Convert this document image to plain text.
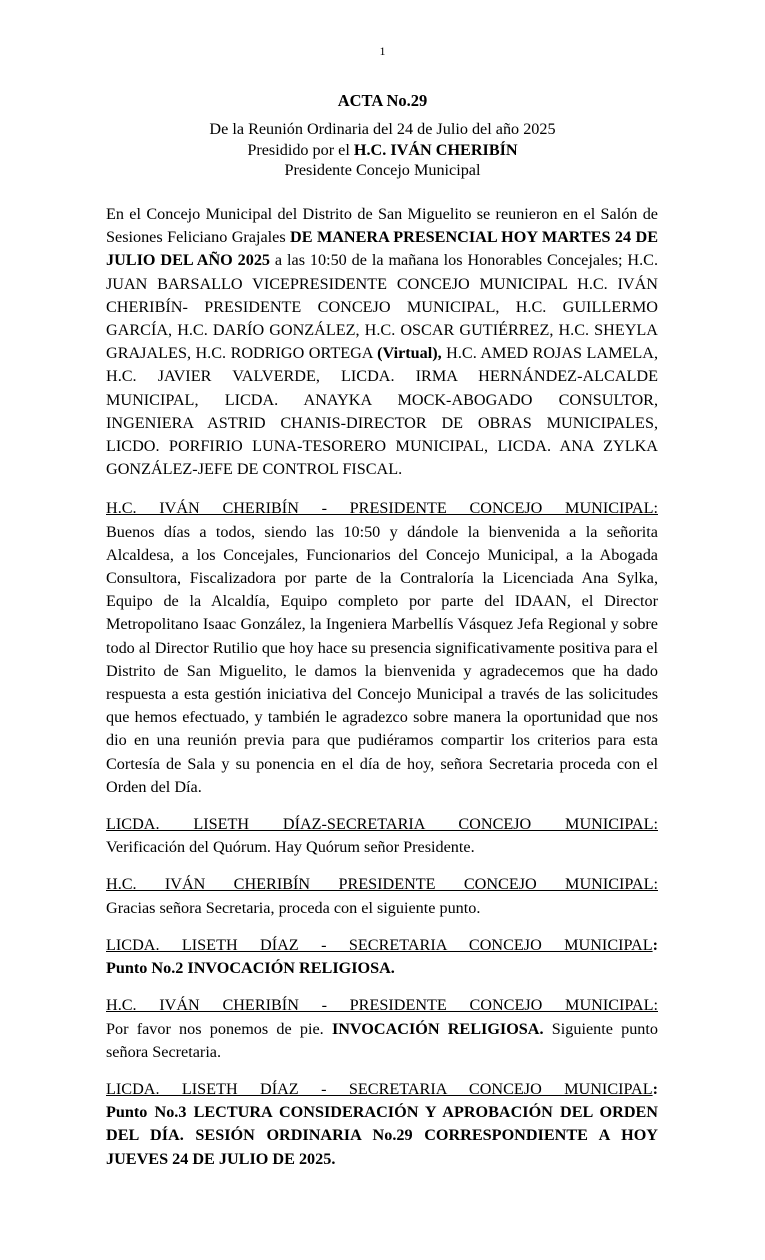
1
ACTA No.29
De la Reunión Ordinaria del 24 de Julio del año 2025
Presidido por el H.C. IVÁN CHERIBÍN
Presidente Concejo Municipal

En el Concejo Municipal del Distrito de San Miguelito se reunieron en el Salón de Sesiones Feliciano Grajales DE MANERA PRESENCIAL HOY MARTES 24 DE JULIO DEL AÑO 2025 a las 10:50 de la mañana los Honorables Concejales; H.C. JUAN BARSALLO VICEPRESIDENTE CONCEJO MUNICIPAL H.C. IVÁN CHERIBÍN- PRESIDENTE CONCEJO MUNICIPAL, H.C. GUILLERMO GARCÍA, H.C. DARÍO GONZÁLEZ, H.C. OSCAR GUTIÉRREZ, H.C. SHEYLA GRAJALES, H.C. RODRIGO ORTEGA (Virtual), H.C. AMED ROJAS LAMELA, H.C. JAVIER VALVERDE, LICDA. IRMA HERNÁNDEZ-ALCALDE MUNICIPAL, LICDA. ANAYKA MOCK-ABOGADO CONSULTOR, INGENIERA ASTRID CHANIS-DIRECTOR DE OBRAS MUNICIPALES, LICDO. PORFIRIO LUNA-TESORERO MUNICIPAL, LICDA. ANA ZYLKA GONZÁLEZ-JEFE DE CONTROL FISCAL.

H.C. IVÁN CHERIBÍN - PRESIDENTE CONCEJO MUNICIPAL:
Buenos días a todos, siendo las 10:50 y dándole la bienvenida a la señorita Alcaldesa, a los Concejales, Funcionarios del Concejo Municipal, a la Abogada Consultora, Fiscalizadora por parte de la Contraloría la Licenciada Ana Sylka, Equipo de la Alcaldía, Equipo completo por parte del IDAAN, el Director Metropolitano Isaac González, la Ingeniera Marbellís Vásquez Jefa Regional y sobre todo al Director Rutilio que hoy hace su presencia significativamente positiva para el Distrito de San Miguelito, le damos la bienvenida y agradecemos que ha dado respuesta a esta gestión iniciativa del Concejo Municipal a través de las solicitudes que hemos efectuado, y también le agradezco sobre manera la oportunidad que nos dio en una reunión previa para que pudiéramos compartir los criterios para esta Cortesía de Sala y su ponencia en el día de hoy, señora Secretaria proceda con el Orden del Día.

LICDA. LISETH DÍAZ-SECRETARIA CONCEJO MUNICIPAL:
Verificación del Quórum. Hay Quórum señor Presidente.

H.C. IVÁN CHERIBÍN PRESIDENTE CONCEJO MUNICIPAL:
Gracias señora Secretaria, proceda con el siguiente punto.

LICDA. LISETH DÍAZ - SECRETARIA CONCEJO MUNICIPAL:
Punto No.2 INVOCACIÓN RELIGIOSA.

H.C. IVÁN CHERIBÍN - PRESIDENTE CONCEJO MUNICIPAL:
Por favor nos ponemos de pie. INVOCACIÓN RELIGIOSA. Siguiente punto señora Secretaria.

LICDA. LISETH DÍAZ - SECRETARIA CONCEJO MUNICIPAL:
Punto No.3 LECTURA CONSIDERACIÓN Y APROBACIÓN DEL ORDEN DEL DÍA. SESIÓN ORDINARIA No.29 CORRESPONDIENTE A HOY JUEVES 24 DE JULIO DE 2025.
